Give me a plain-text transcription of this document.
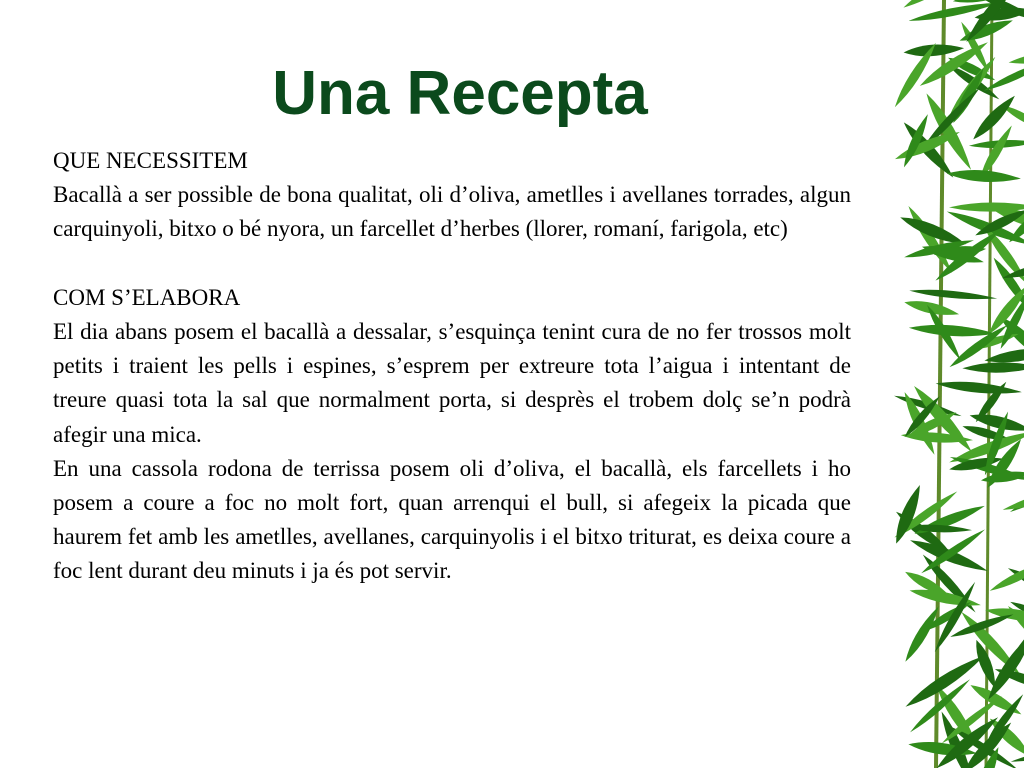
Una Recepta

QUE NECESSITEM

Bacallà a ser possible de bona qualitat, oli d’oliva, ametlles i avellanes torrades, algun carquinyoli, bitxo o bé nyora, un farcellet d’herbes (llorer, romaní, farigola, etc)

COM S’ELABORA

El dia abans posem el bacallà a dessalar, s’esquinça tenint cura de no fer trossos molt petits i traient les pells i espines, s’esprem per extreure tota l’aigua i intentant de treure quasi tota la sal que normalment porta, si desprès el trobem dolç se’n podrà afegir una mica.

En una cassola rodona de terrissa posem oli d’oliva, el bacallà, els farcellets i ho posem a coure a foc no molt fort, quan arrenqui el bull, si afegeix la picada que haurem fet amb les ametlles, avellanes, carquinyolis i el bitxo triturat, es deixa coure a foc lent durant deu minuts i ja és pot servir.
